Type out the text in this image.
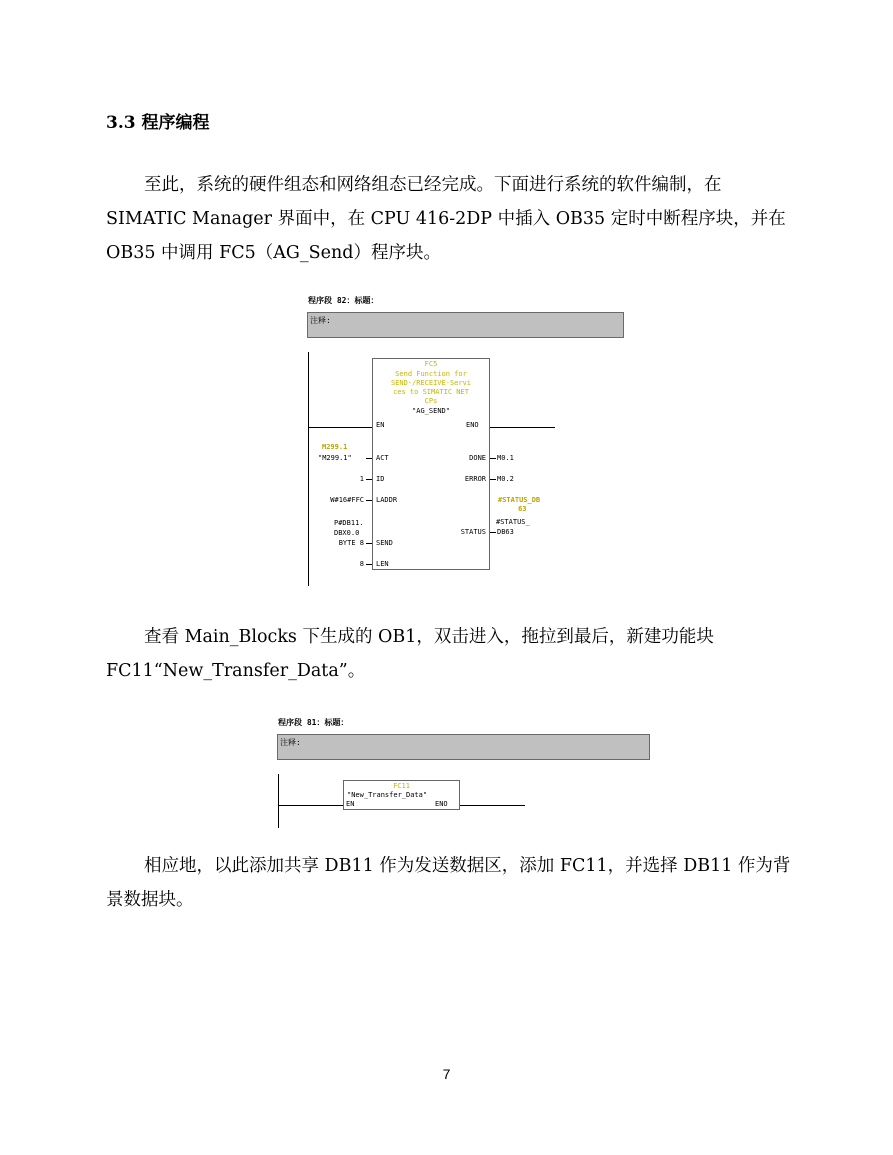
3.3 程序编程

至此，系统的硬件组态和网络组态已经完成。下面进行系统的软件编制，在 SIMATIC Manager 界面中，在 CPU 416-2DP 中插入 OB35 定时中断程序块，并在 OB35 中调用 FC5（AG_Send）程序块。

程序段 82：标题：
注释:
FC5
Send Function for
SEND-/RECEIVE-Servi
ces to SIMATIC NET
CPs
"AG_SEND"
EN	ENO
M299.1
"M299.1"	ACT
1 ID
W#16#FFC LADDR
P#DB11.
DBX0.0
BYTE 8 SEND
8 LEN
DONE M0.1
ERROR M0.2
#STATUS_DB
63
#STATUS_
STATUS DB63

查看 Main_Blocks 下生成的 OB1，双击进入，拖拉到最后，新建功能块 FC11“New_Transfer_Data”。

程序段 81：标题：
注释:
FC11
"New_Transfer_Data"
EN	ENO

相应地，以此添加共享 DB11 作为发送数据区，添加 FC11，并选择 DB11 作为背景数据块。

7
